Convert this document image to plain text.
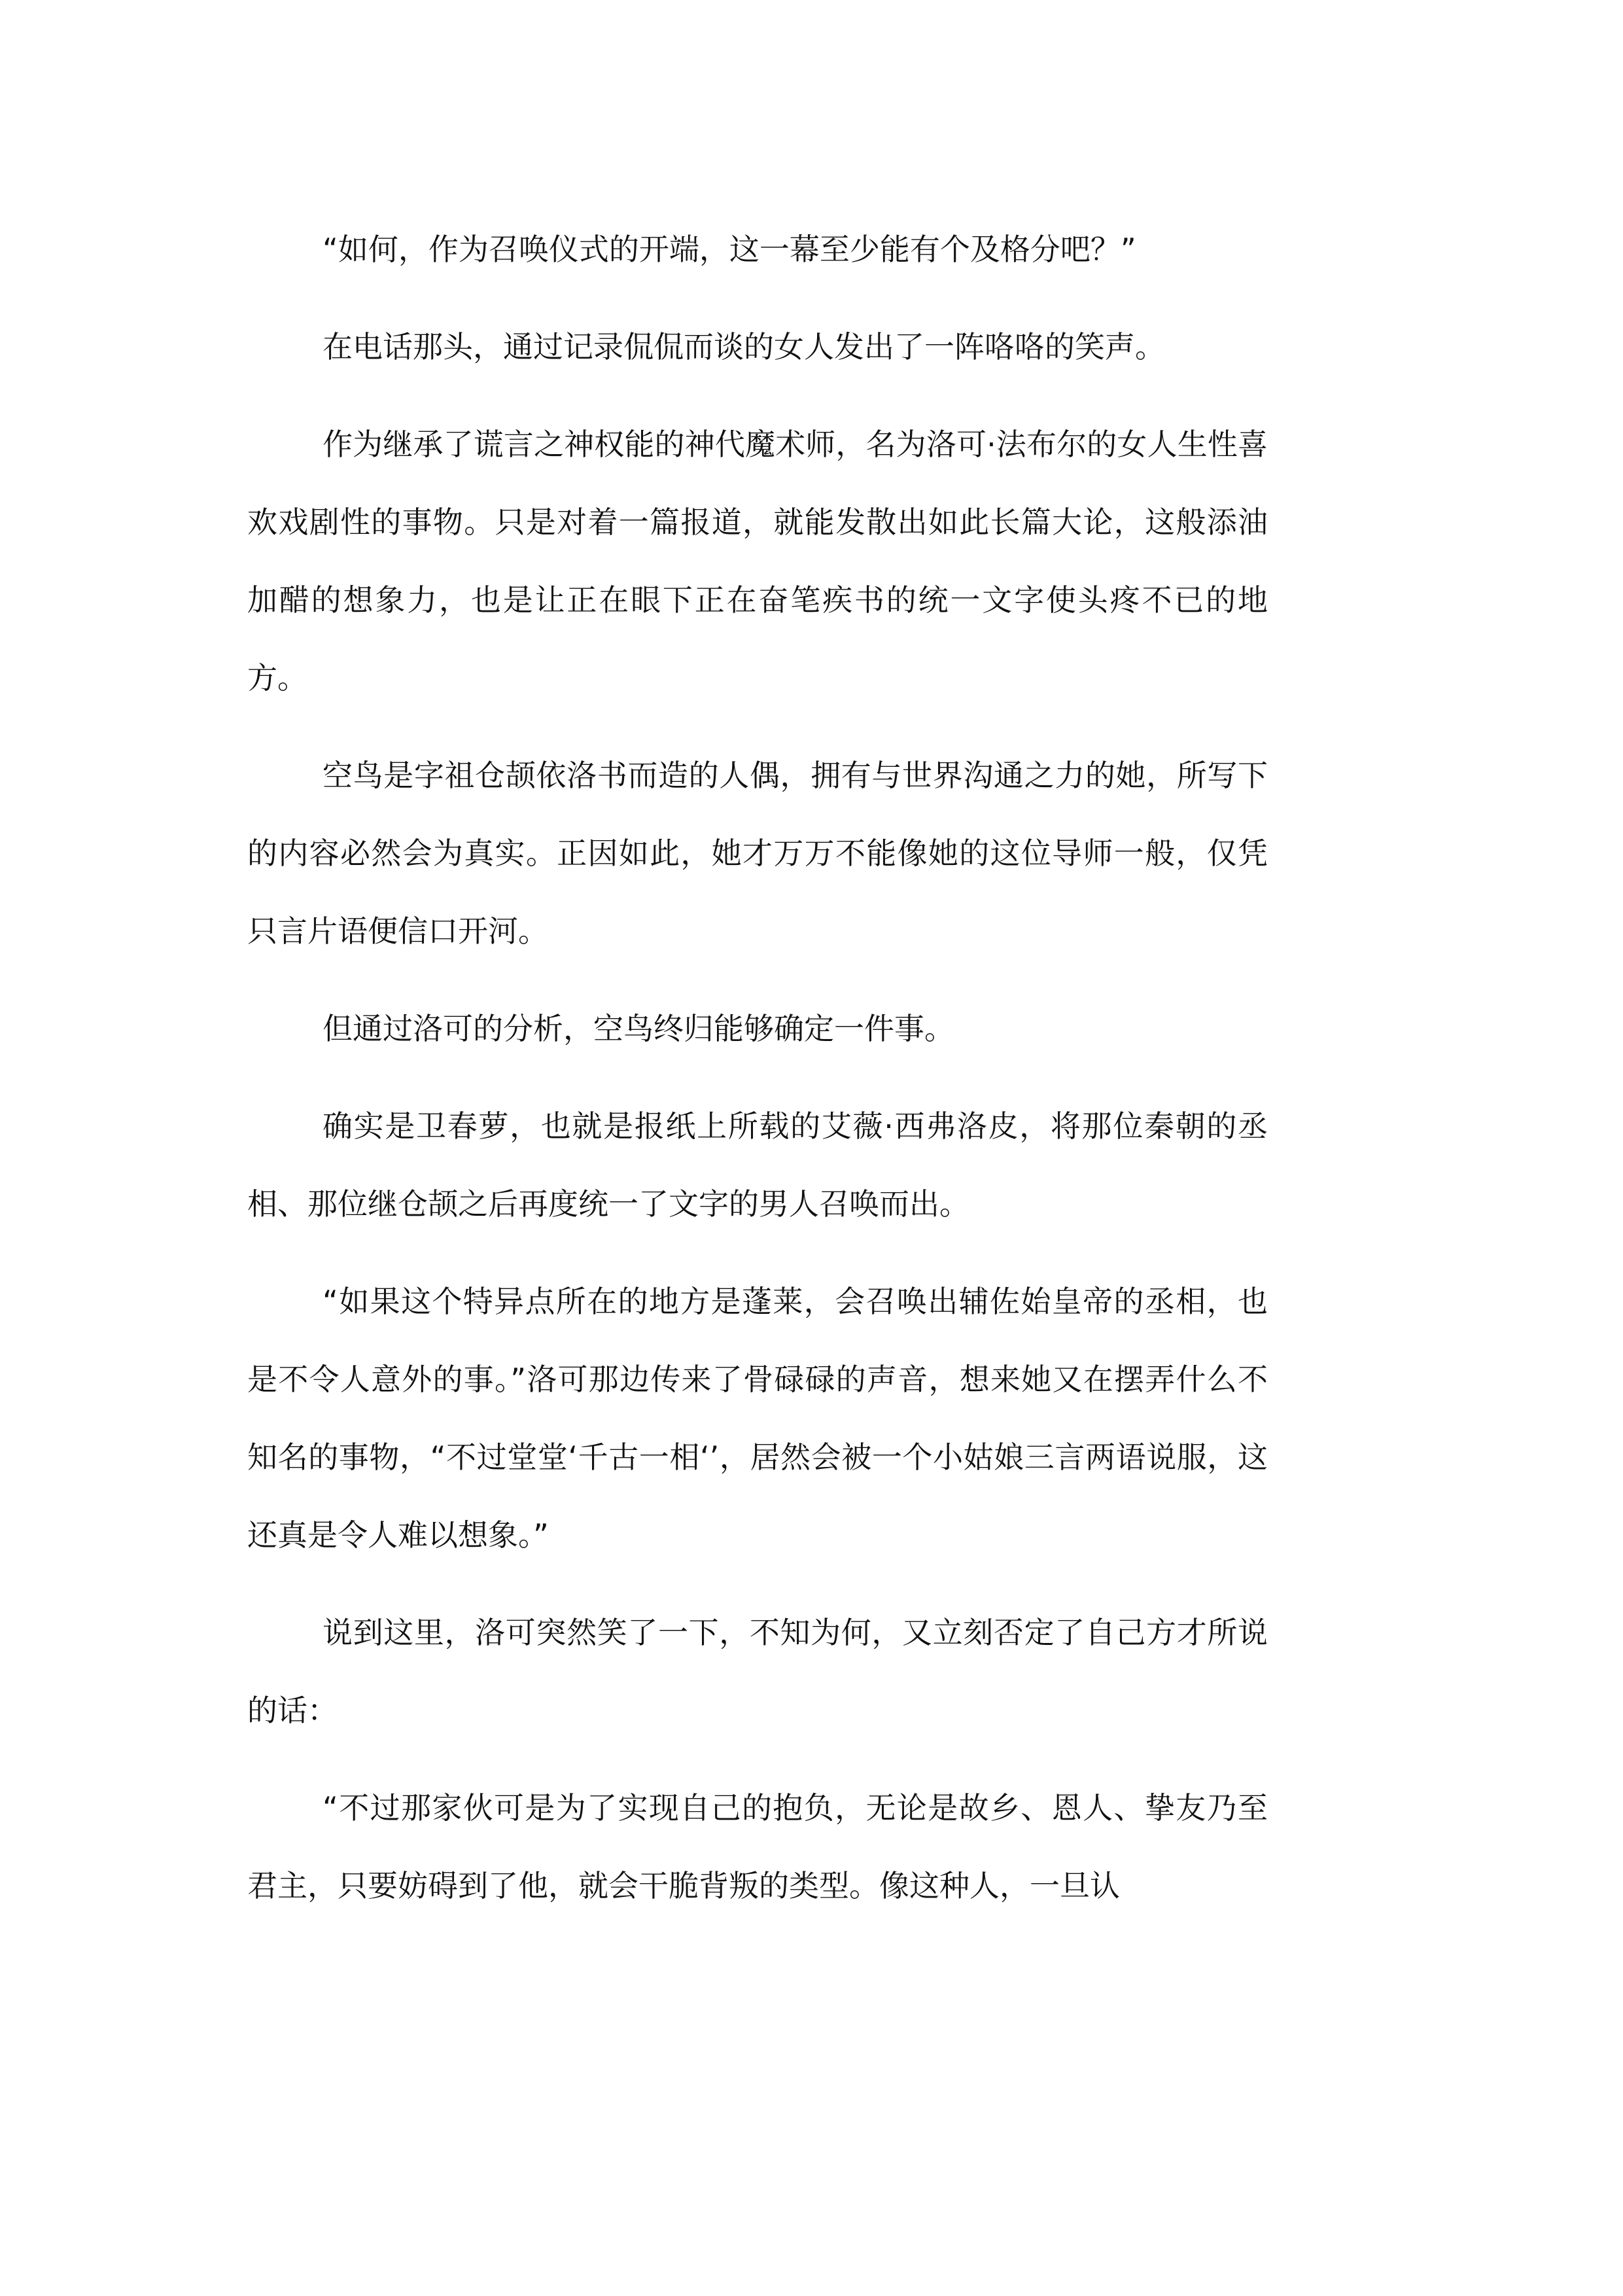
“如何，作为召唤仪式的开端，这一幕至少能有个及格分吧？”

在电话那头，通过记录侃侃而谈的女人发出了一阵咯咯的笑声。

作为继承了谎言之神权能的神代魔术师，名为洛可·法布尔的女人生性喜欢戏剧性的事物。只是对着一篇报道，就能发散出如此长篇大论，这般添油加醋的想象力，也是让正在眼下正在奋笔疾书的统一文字使头疼不已的地方。

空鸟是字祖仓颉依洛书而造的人偶，拥有与世界沟通之力的她，所写下的内容必然会为真实。正因如此，她才万万不能像她的这位导师一般，仅凭只言片语便信口开河。

但通过洛可的分析，空鸟终归能够确定一件事。

确实是卫春萝，也就是报纸上所载的艾薇·西弗洛皮，将那位秦朝的丞相、那位继仓颉之后再度统一了文字的男人召唤而出。

“如果这个特异点所在的地方是蓬莱，会召唤出辅佐始皇帝的丞相，也是不令人意外的事。”洛可那边传来了骨碌碌的声音，想来她又在摆弄什么不知名的事物，“不过堂堂‘千古一相‘’，居然会被一个小姑娘三言两语说服，这还真是令人难以想象。”

说到这里，洛可突然笑了一下，不知为何，又立刻否定了自己方才所说的话：

“不过那家伙可是为了实现自己的抱负，无论是故乡、恩人、挚友乃至君主，只要妨碍到了他，就会干脆背叛的类型。像这种人，一旦认
